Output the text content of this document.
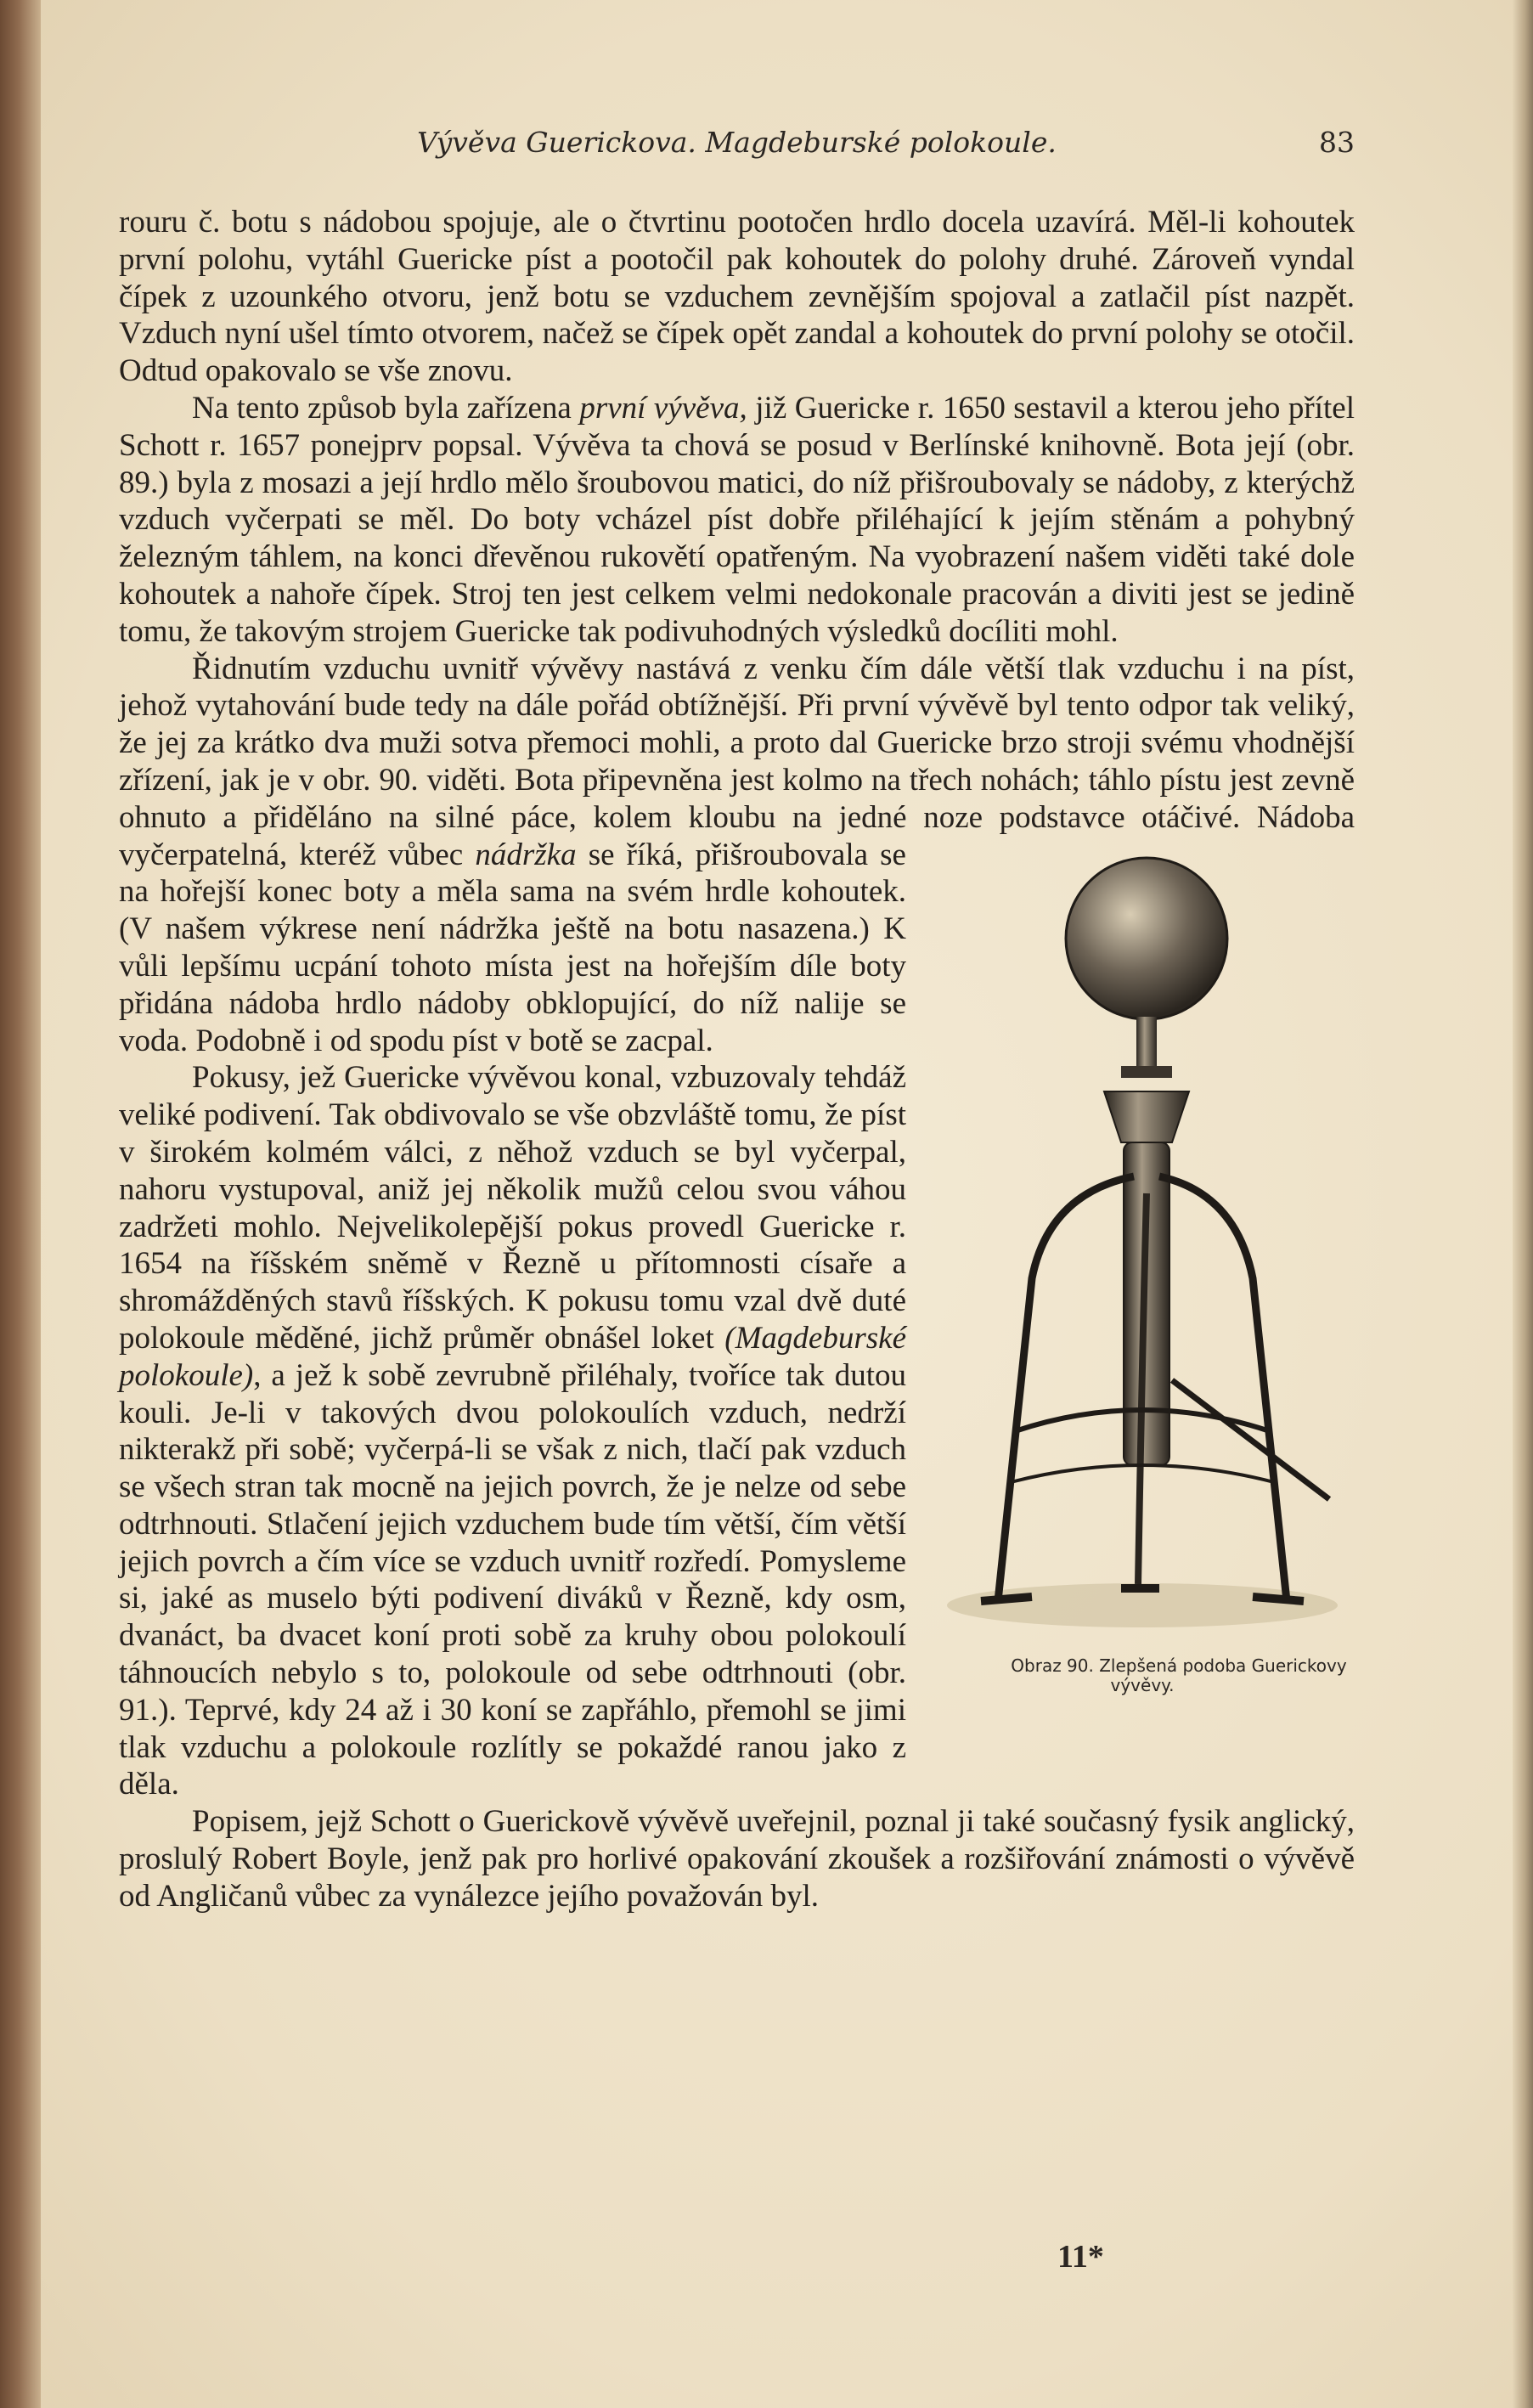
Vývěva Guerickova. Magdeburské polokoule.	83

rouru č. botu s nádobou spojuje, ale o čtvrtinu pootočen hrdlo docela uzavírá. Měl-li kohoutek první polohu, vytáhl Guericke píst a pootočil pak kohoutek do polohy druhé. Zároveň vyndal čípek z uzounkého otvoru, jenž botu se vzduchem zevnějším spojoval a zatlačil píst nazpět. Vzduch nyní ušel tímto otvorem, načež se čípek opět zandal a kohoutek do první polohy se otočil. Odtud opakovalo se vše znovu.

Na tento způsob byla zařízena první vývěva, již Guericke r. 1650 sestavil a kterou jeho přítel Schott r. 1657 ponejprv popsal. Vývěva ta chová se posud v Berlínské knihovně. Bota její (obr. 89.) byla z mosazi a její hrdlo mělo šroubovou matici, do níž přišroubovaly se nádoby, z kterýchž vzduch vyčerpati se měl. Do boty vcházel píst dobře přiléhající k jejím stěnám a pohybný železným táhlem, na konci dřevěnou rukovětí opatřeným. Na vyobrazení našem viděti také dole kohoutek a nahoře čípek. Stroj ten jest celkem velmi nedokonale pracován a diviti jest se jedině tomu, že takovým strojem Guericke tak podivuhodných výsledků docíliti mohl.

Řidnutím vzduchu uvnitř vývěvy nastává z venku čím dále větší tlak vzduchu i na píst, jehož vytahování bude tedy na dále pořád obtížnější. Při první vývěvě byl tento odpor tak veliký, že jej za krátko dva muži sotva přemoci mohli, a proto dal Guericke brzo stroji svému vhodnější zřízení, jak je v obr. 90. viděti. Bota připevněna jest kolmo na třech nohách; táhlo pístu jest zevně ohnuto a přiděláno na silné páce, kolem kloubu na jedné noze podstavce otáčivé. Nádoba vyčerpatelná, kteréž vůbec
Obraz 90. Zlepšená podoba Guerickovy
vývěvy.
nádržka se říká, přišroubovala se na hořejší konec boty a měla sama na svém hrdle kohoutek. (V našem výkrese není nádržka ještě na botu nasazena.) K vůli lepšímu ucpání tohoto místa jest na hořejším díle boty přidána nádoba hrdlo nádoby obklopující, do níž nalije se voda. Podobně i od spodu píst v botě se zacpal.

Pokusy, jež Guericke vývěvou konal, vzbuzovaly tehdáž veliké podivení. Tak obdivovalo se vše obzvláště tomu, že píst v širokém kolmém válci, z něhož vzduch se byl vyčerpal, nahoru vystupoval, aniž jej několik mužů celou svou váhou zadržeti mohlo. Nejvelikolepější pokus provedl Guericke r. 1654 na říšském sněmě v Řezně u přítomnosti císaře a shromážděných stavů říšských. K pokusu tomu vzal dvě duté polokoule měděné, jichž průměr obnášel loket (Magdeburské polokoule), a jež k sobě zevrubně přiléhaly, tvoříce tak dutou kouli. Je-li v takových dvou polokoulích vzduch, nedrží nikterakž při sobě; vyčerpá-li se však z nich, tlačí pak vzduch se všech stran tak mocně na jejich povrch, že je nelze od sebe odtrhnouti. Stlačení jejich vzduchem bude tím větší, čím větší jejich povrch a čím více se vzduch uvnitř rozředí. Pomysleme si, jaké as muselo býti podivení diváků v Řezně, kdy osm, dvanáct, ba dvacet koní proti sobě za kruhy obou polokoulí táhnoucích nebylo s to, polokoule od sebe odtrhnouti (obr. 91.). Teprvé, kdy 24 až i 30 koní se zapřáhlo, přemohl se jimi tlak vzduchu a polokoule rozlítly se pokaždé ranou jako z děla.

Popisem, jejž Schott o Guerickově vývěvě uveřejnil, poznal ji také současný fysik anglický, proslulý Robert Boyle, jenž pak pro horlivé opakování zkoušek a rozšiřování známosti o vývěvě od Angličanů vůbec za vynálezce jejího považován byl.

11*
